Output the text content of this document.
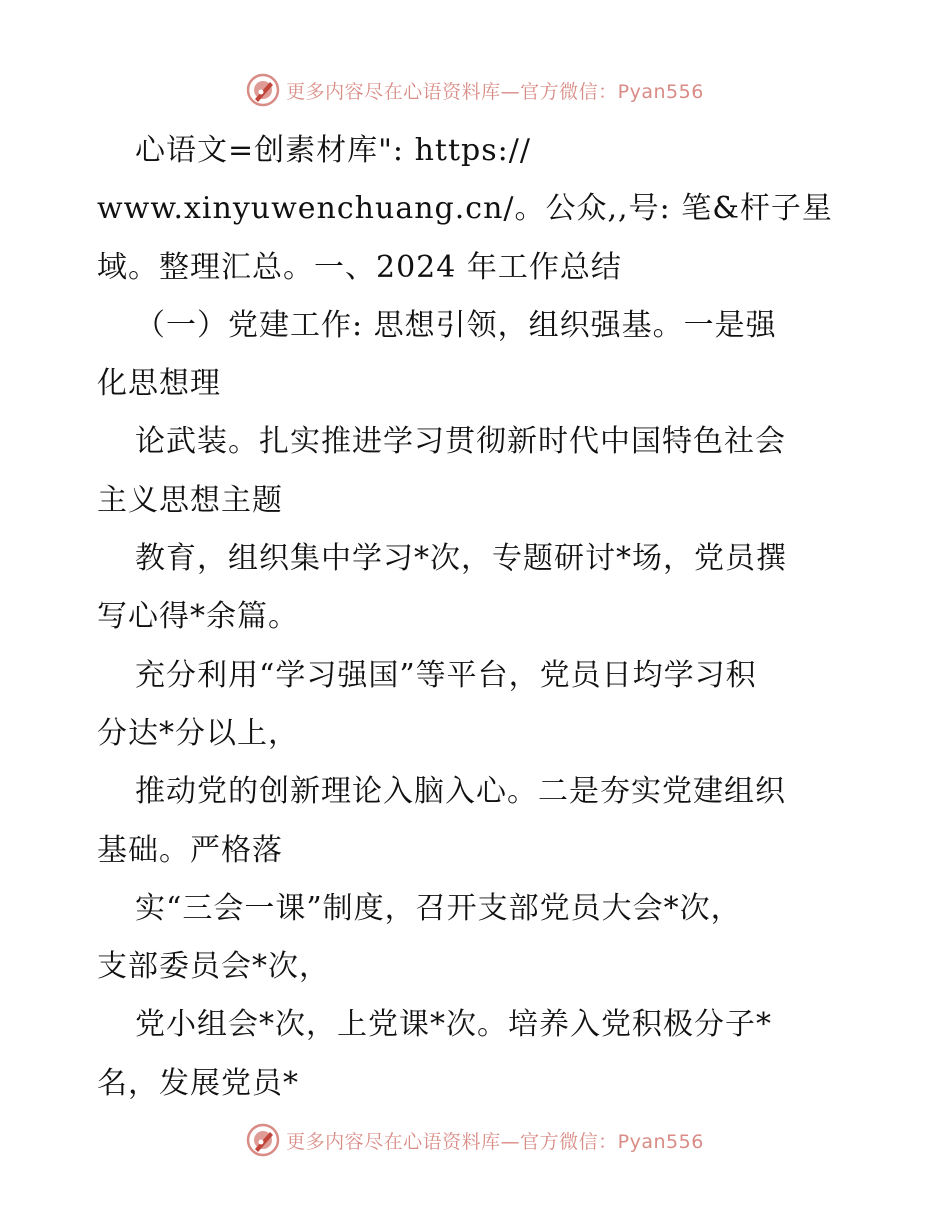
更多内容尽在心语资料库—官方微信：Pyan556
心语文=创素材库": https://
www.xinyuwenchuang.cn/。公众,,号: 笔&杆子星
域。整理汇总。一、2024 年工作总结
（一）党建工作: 思想引领，组织强基。一是强
化思想理
论武装。扎实推进学习贯彻新时代中国特色社会
主义思想主题
教育，组织集中学习*次，专题研讨*场，党员撰
写心得*余篇。
充分利用“学习强国”等平台，党员日均学习积
分达*分以上，
推动党的创新理论入脑入心。二是夯实党建组织
基础。严格落
实“三会一课”制度，召开支部党员大会*次，
支部委员会*次，
党小组会*次，上党课*次。培养入党积极分子*
名，发展党员*
更多内容尽在心语资料库—官方微信：Pyan556
